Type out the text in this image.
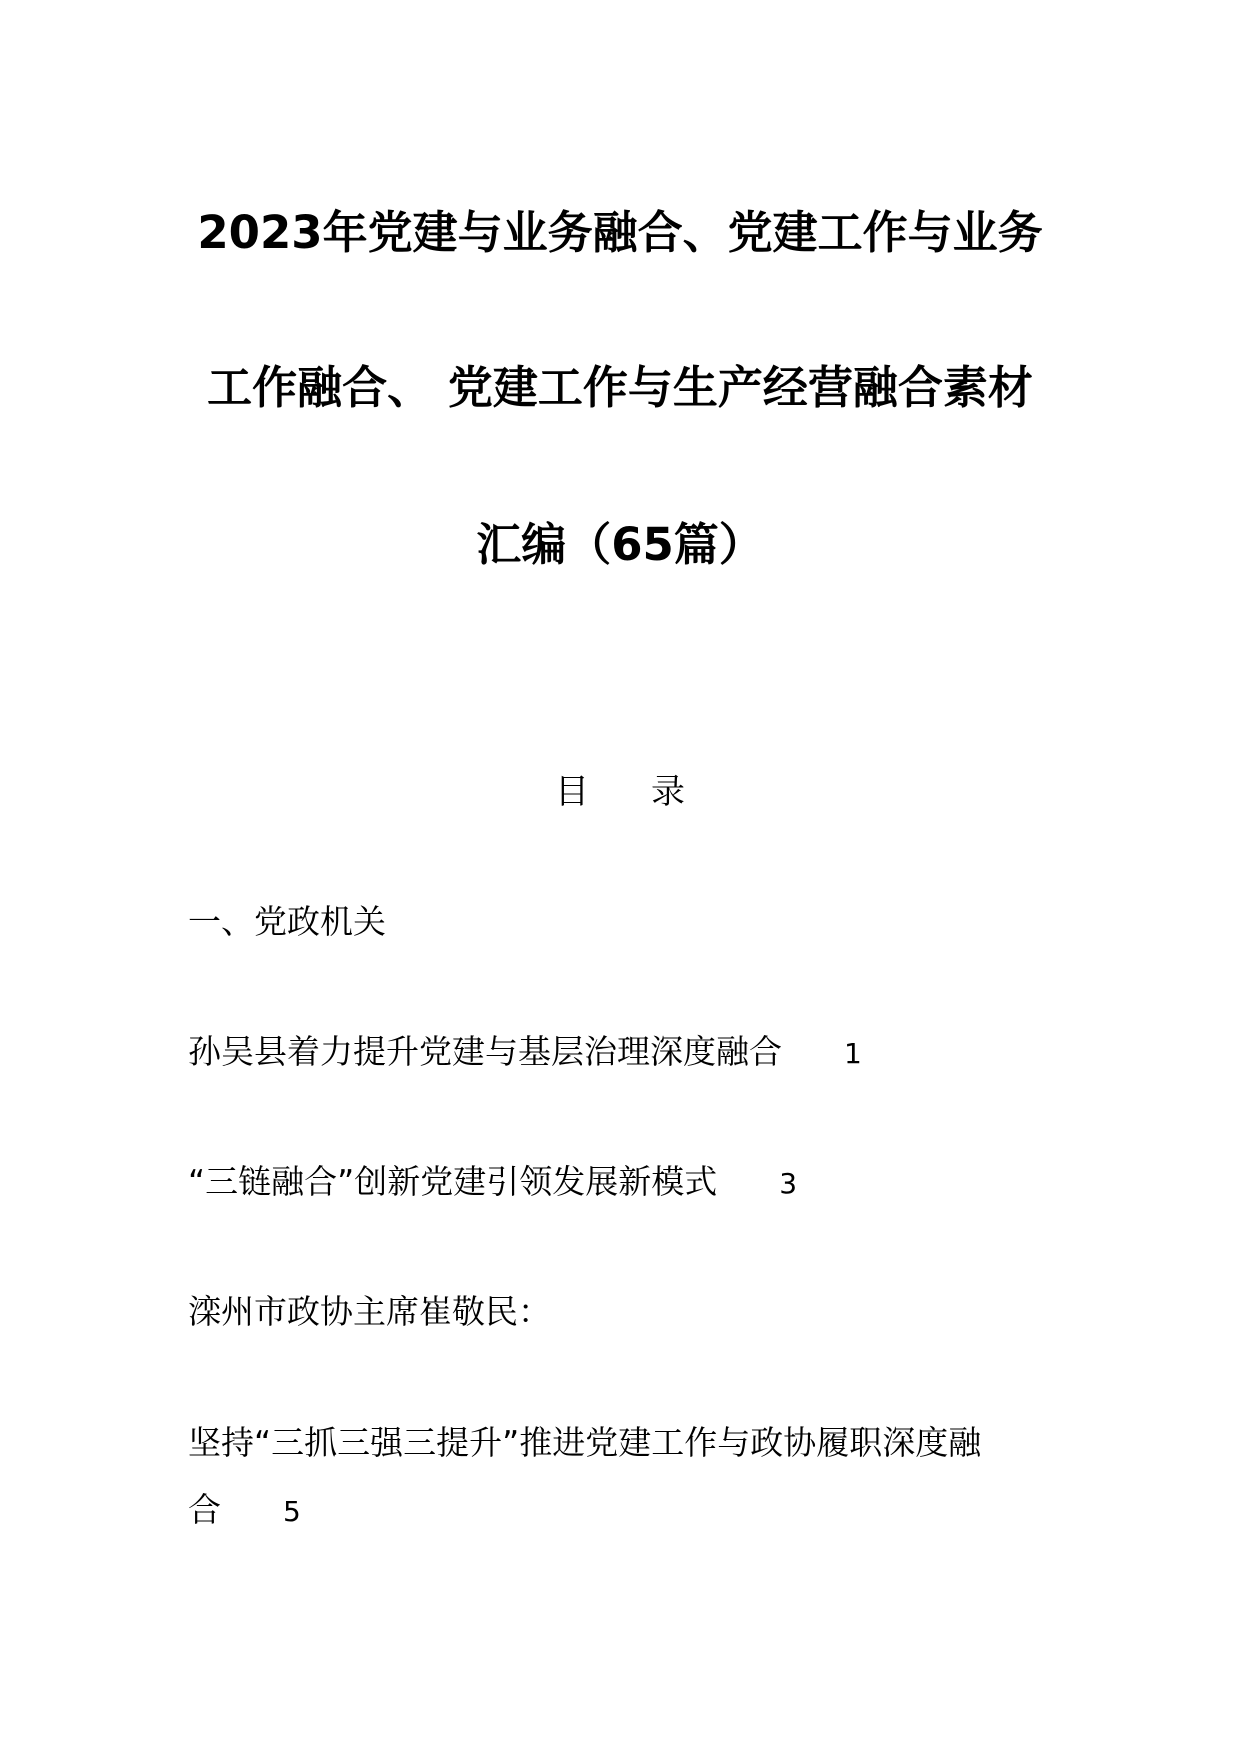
2023年党建与业务融合、党建工作与业务
工作融合、 党建工作与生产经营融合素材
汇编（65篇）
目录
一、党政机关
孙吴县着力提升党建与基层治理深度融合 1
“三链融合”创新党建引领发展新模式 3
滦州市政协主席崔敬民：
坚持“三抓三强三提升”推进党建工作与政协履职深度融
合 5
